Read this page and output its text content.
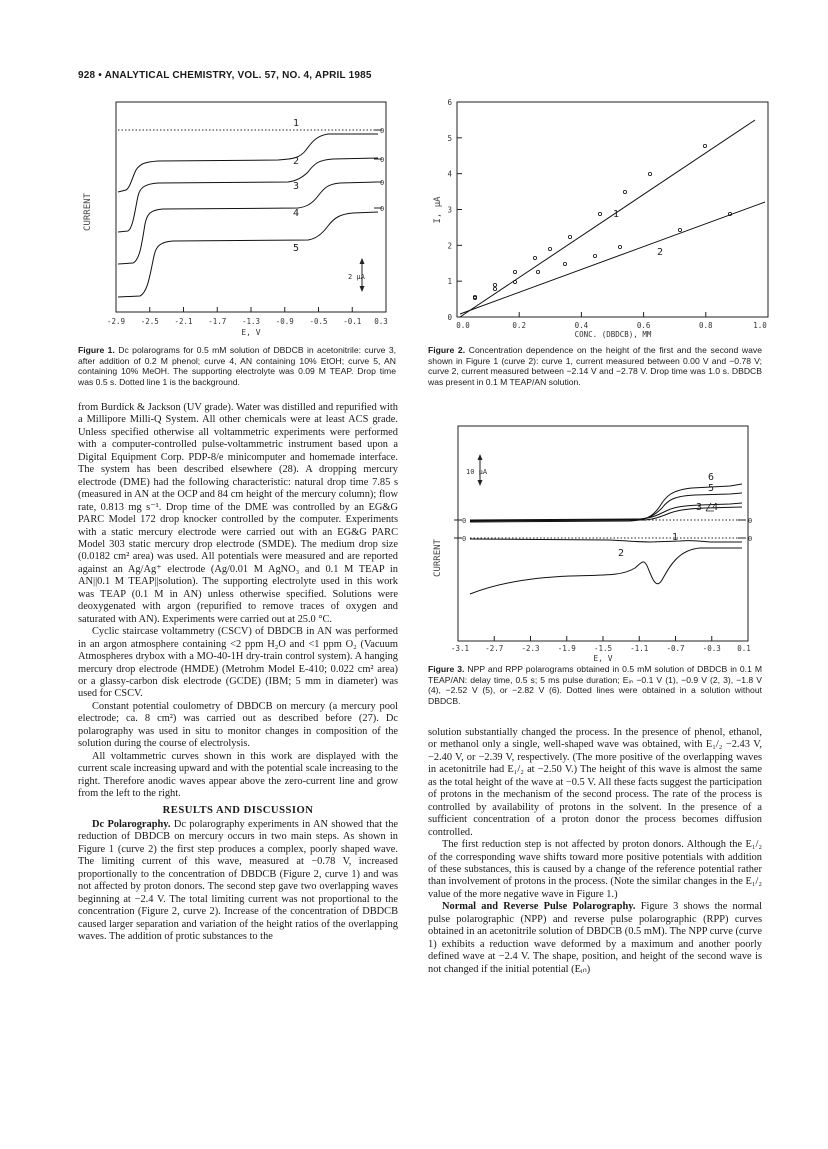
928 • ANALYTICAL CHEMISTRY, VOL. 57, NO. 4, APRIL 1985
CURRENT
-2.9 -2.5 -2.1 -1.7 -1.3 -0.9 -0.5 -0.1 0.3
E, V
0
0
0
0
1
2
3
4
5
2 μA
I, μA
0
1
2
3
4
5
6
0.0	0.2	0.4	0.6	0.8	1.0
CONC. (DBDCB), MM
1
2
Figure 1. Dc polarograms for 0.5 mM solution of DBDCB in acetonitrile: curve 3, after addition of 0.2 M phenol; curve 4, AN containing 10% EtOH; curve 5, AN containing 10% MeOH. The supporting electrolyte was 0.09 M TEAP. Drop time was 0.5 s. Dotted line 1 is the background.
Figure 2. Concentration dependence on the height of the first and the second wave shown in Figure 1 (curve 2): curve 1, current measured between 0.00 V and −0.78 V; curve 2, current measured between −2.14 V and −2.78 V. Drop time was 1.0 s. DBDCB was present in 0.1 M TEAP/AN solution.
CURRENT
-3.1 -2.7 -2.3 -1.9 -1.5 -1.1 -0.7 -0.3 0.1
E, V
0
0
0
0
6
5
3 4
2
1
10 μA
Figure 3. NPP and RPP polarograms obtained in 0.5 mM solution of DBDCB in 0.1 M TEAP/AN: delay time, 0.5 s; 5 ms pulse duration; Eᵢₙ −0.1 V (1), −0.9 V (2, 3), −1.8 V (4), −2.52 V (5), or −2.82 V (6). Dotted lines were obtained in a solution without DBDCB.

from Burdick & Jackson (UV grade). Water was distilled and repurified with a Millipore Milli-Q System. All other chemicals were at least ACS grade. Unless specified otherwise all voltammetric experiments were performed with a computer-controlled pulse-voltammetric instrument based upon a Digital Equipment Corp. PDP-8/e minicomputer and homemade interface. The system has been described elsewhere (28). A dropping mercury electrode (DME) had the following characteristic: natural drop time 7.85 s (measured in AN at the OCP and 84 cm height of the mercury column); flow rate, 0.813 mg s⁻¹. Drop time of the DME was controlled by an EG&G PARC Model 172 drop knocker controlled by the computer. Experiments with a static mercury electrode were carried out with an EG&G PARC Model 303 static mercury drop electrode (SMDE). The medium drop size (0.0182 cm² area) was used. All potentials were measured and are reported against an Ag/Ag⁺ electrode (Ag/0.01 M AgNO₃ and 0.1 M TEAP in AN||0.1 M TEAP||solution). The supporting electrolyte used in this work was TEAP (0.1 M in AN) unless otherwise specified. Solutions were deoxygenated with argon (repurified to remove traces of oxygen and saturated with AN). Experiments were carried out at 25.0 °C.

Cyclic staircase voltammetry (CSCV) of DBDCB in AN was performed in an argon atmosphere containing <2 ppm H₂O and <1 ppm O₂ (Vacuum Atmospheres drybox with a MO-40-1H dry-train control system). A hanging mercury drop electrode (HMDE) (Metrohm Model E-410; 0.022 cm² area) or a glassy-carbon disk electrode (GCDE) (IBM; 5 mm in diameter) was used for CSCV.

Constant potential coulometry of DBDCB on mercury (a mercury pool electrode; ca. 8 cm²) was carried out as described before (27). Dc polarography was used in situ to monitor changes in composition of the solution during the course of electrolysis.

All voltammetric curves shown in this work are displayed with the current scale increasing upward and with the potential scale increasing to the right. Therefore anodic waves appear above the zero-current line and grow from the left to the right.

RESULTS AND DISCUSSION

Dc Polarography. Dc polarography experiments in AN showed that the reduction of DBDCB on mercury occurs in two main steps. As shown in Figure 1 (curve 2) the first step produces a complex, poorly shaped wave. The limiting current of this wave, measured at −0.78 V, increased proportionally to the concentration of DBDCB (Figure 2, curve 1) and was not affected by proton donors. The second step gave two overlapping waves beginning at −2.4 V. The total limiting current was not proportional to the concentration (Figure 2, curve 2). Increase of the concentration of DBDCB caused larger separation and variation of the height ratios of the overlapping waves. The addition of protic substances to the

solution substantially changed the process. In the presence of phenol, ethanol, or methanol only a single, well-shaped wave was obtained, with E₁/₂ −2.43 V, −2.40 V, or −2.39 V, respectively. (The more positive of the overlapping waves in acetonitrile had E₁/₂ at −2.50 V.) The height of this wave is almost the same as the total height of the wave at −0.5 V. All these facts suggest the participation of protons in the mechanism of the second process. The rate of the process is controlled by availability of protons in the solvent. In the presence of a sufficient concentration of a proton donor the process becomes diffusion controlled.

The first reduction step is not affected by proton donors. Although the E₁/₂ of the corresponding wave shifts toward more positive potentials with addition of these substances, this is caused by a change of the reference potential rather than involvement of protons in the process. (Note the similar changes in the E₁/₂ value of the more negative wave in Figure 1.)

Normal and Reverse Pulse Polarography. Figure 3 shows the normal pulse polarographic (NPP) and reverse pulse polarographic (RPP) curves obtained in an acetonitrile solution of DBDCB (0.5 mM). The NPP curve (curve 1) exhibits a reduction wave deformed by a maximum and another poorly defined wave at −2.4 V. The shape, position, and height of the second wave is not changed if the initial potential (Eᵢₙ)
